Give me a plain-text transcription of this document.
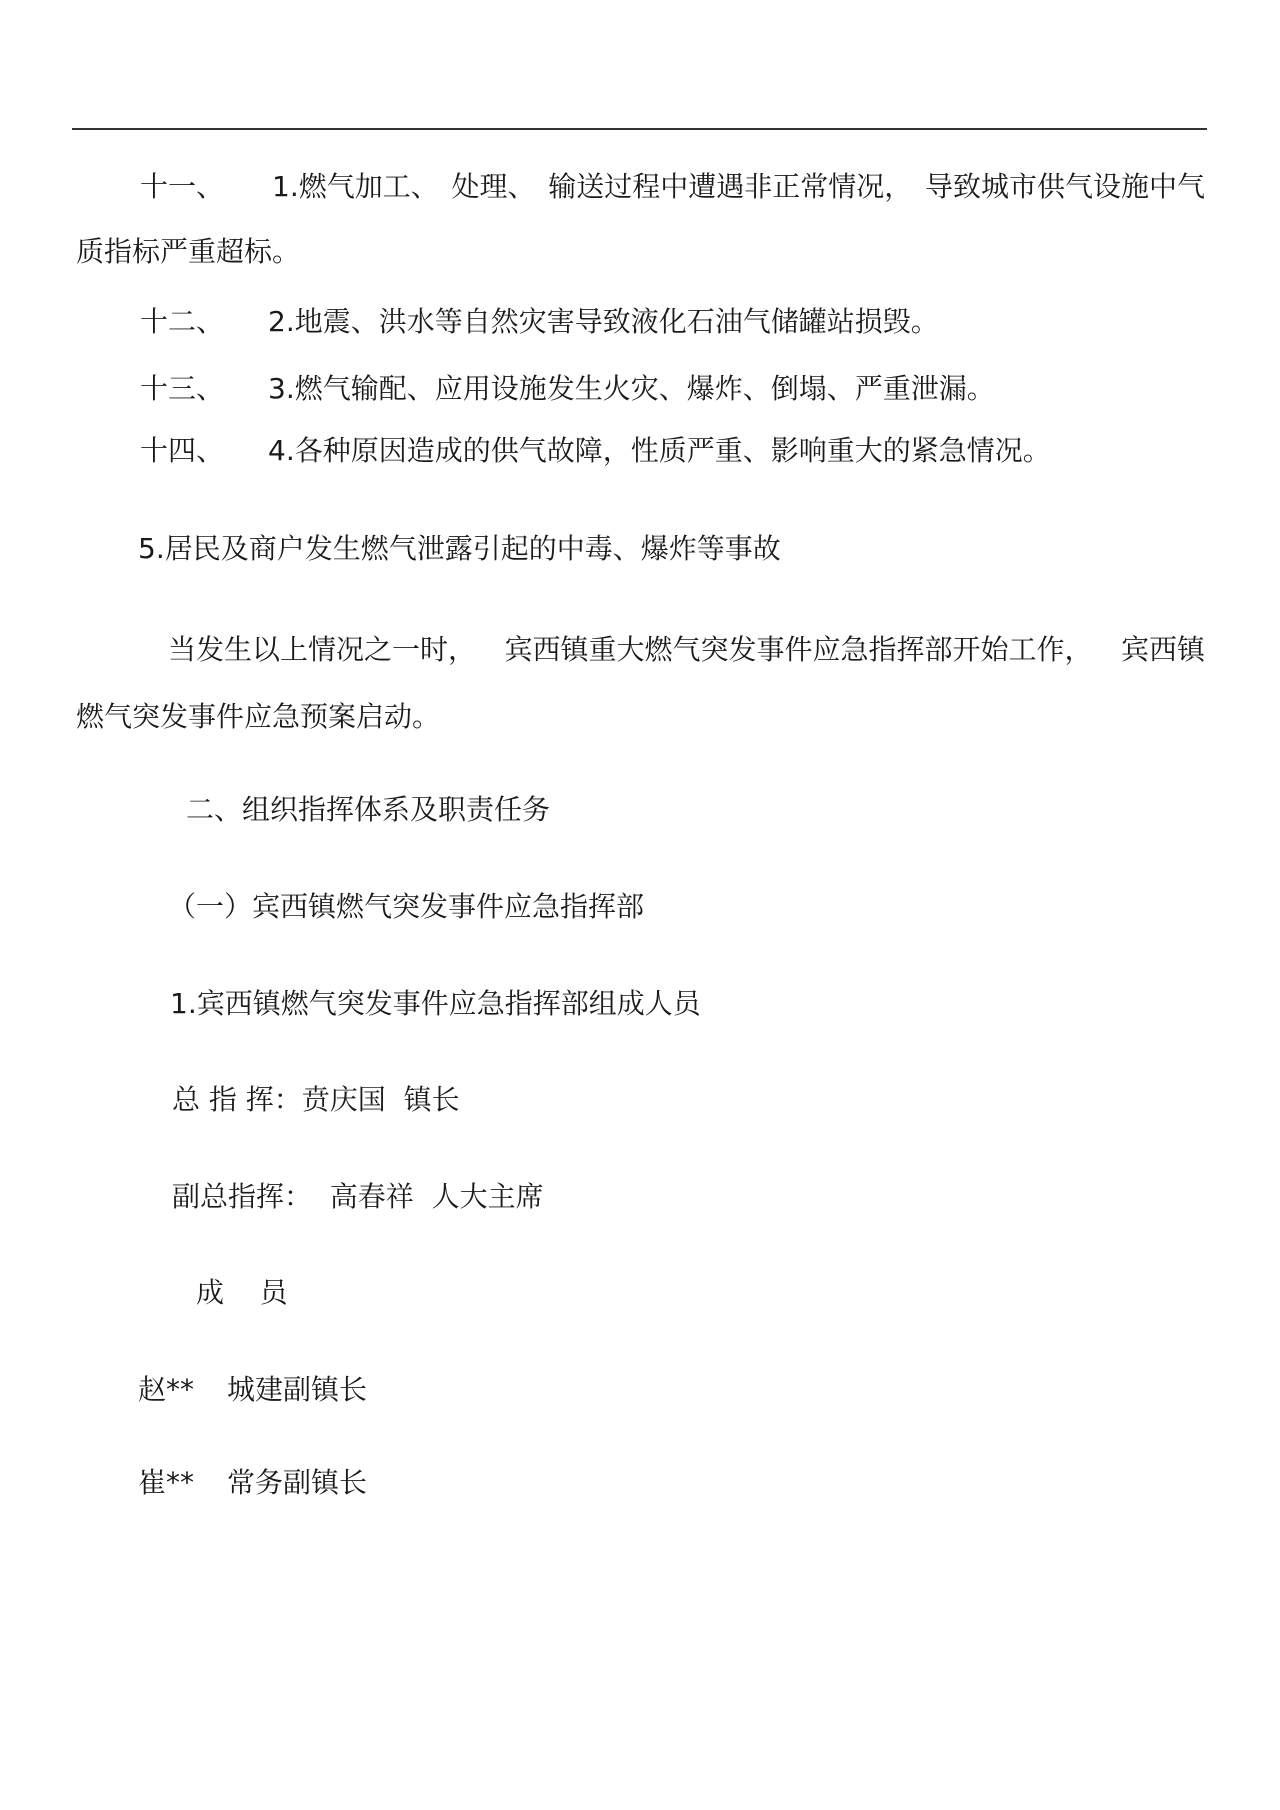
十一、 1.燃气加工、 处理、 输送过程中遭遇非正常情况， 导致城市供气设施中气
质指标严重超标。
十二、 2.地震、洪水等自然灾害导致液化石油气储罐站损毁。
十三、 3.燃气输配、应用设施发生火灾、爆炸、倒塌、严重泄漏。
十四、 4.各种原因造成的供气故障，性质严重、影响重大的紧急情况。
5.居民及商户发生燃气泄露引起的中毒、爆炸等事故
当发生以上情况之一时， 宾西镇重大燃气突发事件应急指挥部开始工作， 宾西镇
燃气突发事件应急预案启动。
二、组织指挥体系及职责任务
（一）宾西镇燃气突发事件应急指挥部
1.宾西镇燃气突发事件应急指挥部组成人员
总 指 挥：贲庆国  镇长
副总指挥：  高春祥  人大主席
成    员
赵** 城建副镇长
崔** 常务副镇长
